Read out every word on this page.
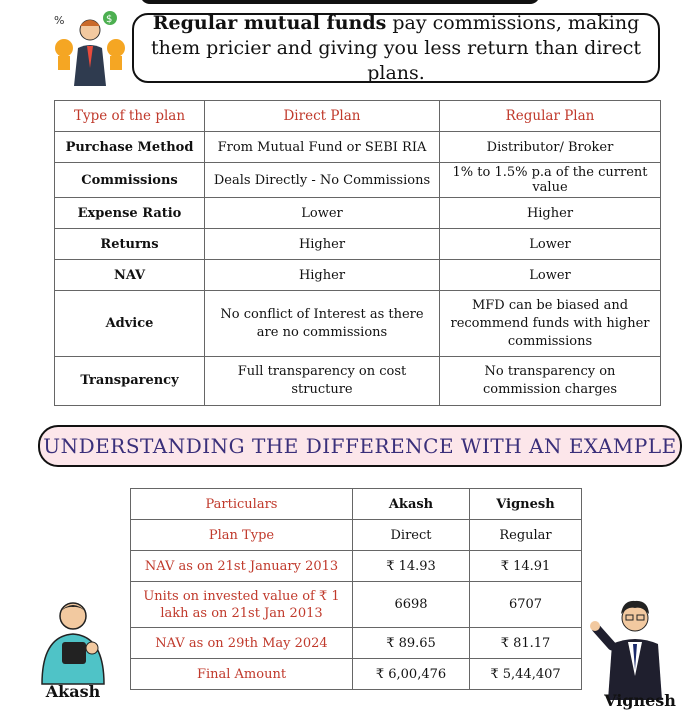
%	$ Regular mutual funds pay commissions, making them pricier and giving you less return than direct plans.
Type of the plan	Direct Plan	Regular Plan
Purchase Method	From Mutual Fund or SEBI RIA	Distributor/ Broker
Commissions	Deals Directly - No Commissions	1% to 1.5% p.a of the current value
Expense Ratio	Lower	Higher
Returns	Higher	Lower
NAV	Higher	Lower
Advice	No conflict of Interest as there are no commissions	MFD can be biased and recommend funds with higher commissions
Transparency	Full transparency on cost structure	No transparency on commission charges
UNDERSTANDING THE DIFFERENCE WITH AN EXAMPLE
Particulars	Akash	Vignesh
Plan Type	Direct	Regular
NAV as on 21st January 2013	₹ 14.93	₹ 14.91
Units on invested value of ₹ 1 lakh as on 21st Jan 2013	6698	6707
NAV as on 29th May 2024	₹ 89.65	₹ 81.17
Final Amount	₹ 6,00,476	₹ 5,44,407
Akash	Vignesh
